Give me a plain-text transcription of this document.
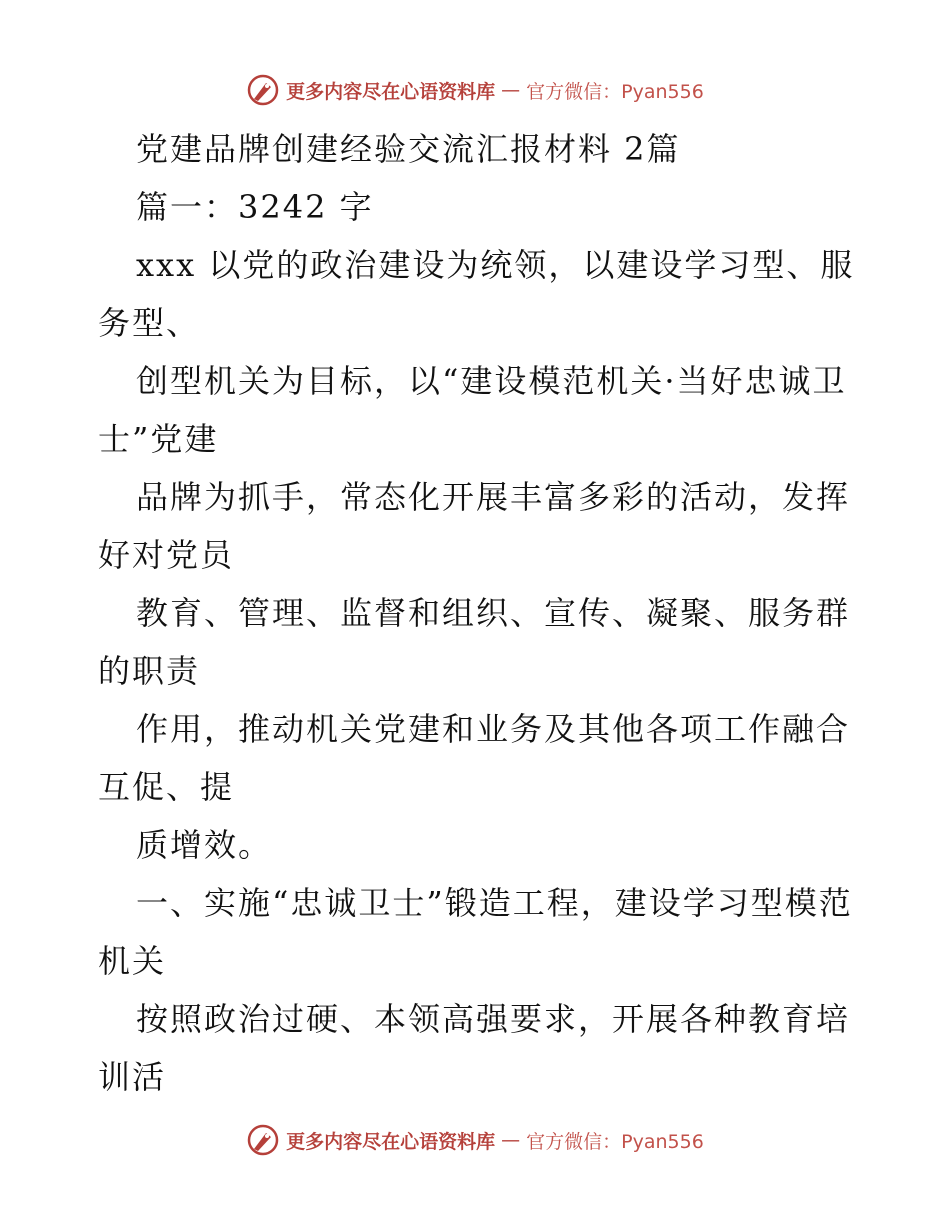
更多内容尽在心语资料库 — 官方微信：Pyan556

党建品牌创建经验交流汇报材料 2篇

篇一：3242 字

xxx 以党的政治建设为统领，以建设学习型、服务型、

创型机关为目标，以“建设模范机关·当好忠诚卫士”党建

品牌为抓手，常态化开展丰富多彩的活动，发挥好对党员

教育、管理、监督和组织、宣传、凝聚、服务群的职责

作用，推动机关党建和业务及其他各项工作融合互促、提

质增效。

一、实施“忠诚卫士”锻造工程，建设学习型模范机关

按照政治过硬、本领高强要求，开展各种教育培训活

更多内容尽在心语资料库 — 官方微信：Pyan556
